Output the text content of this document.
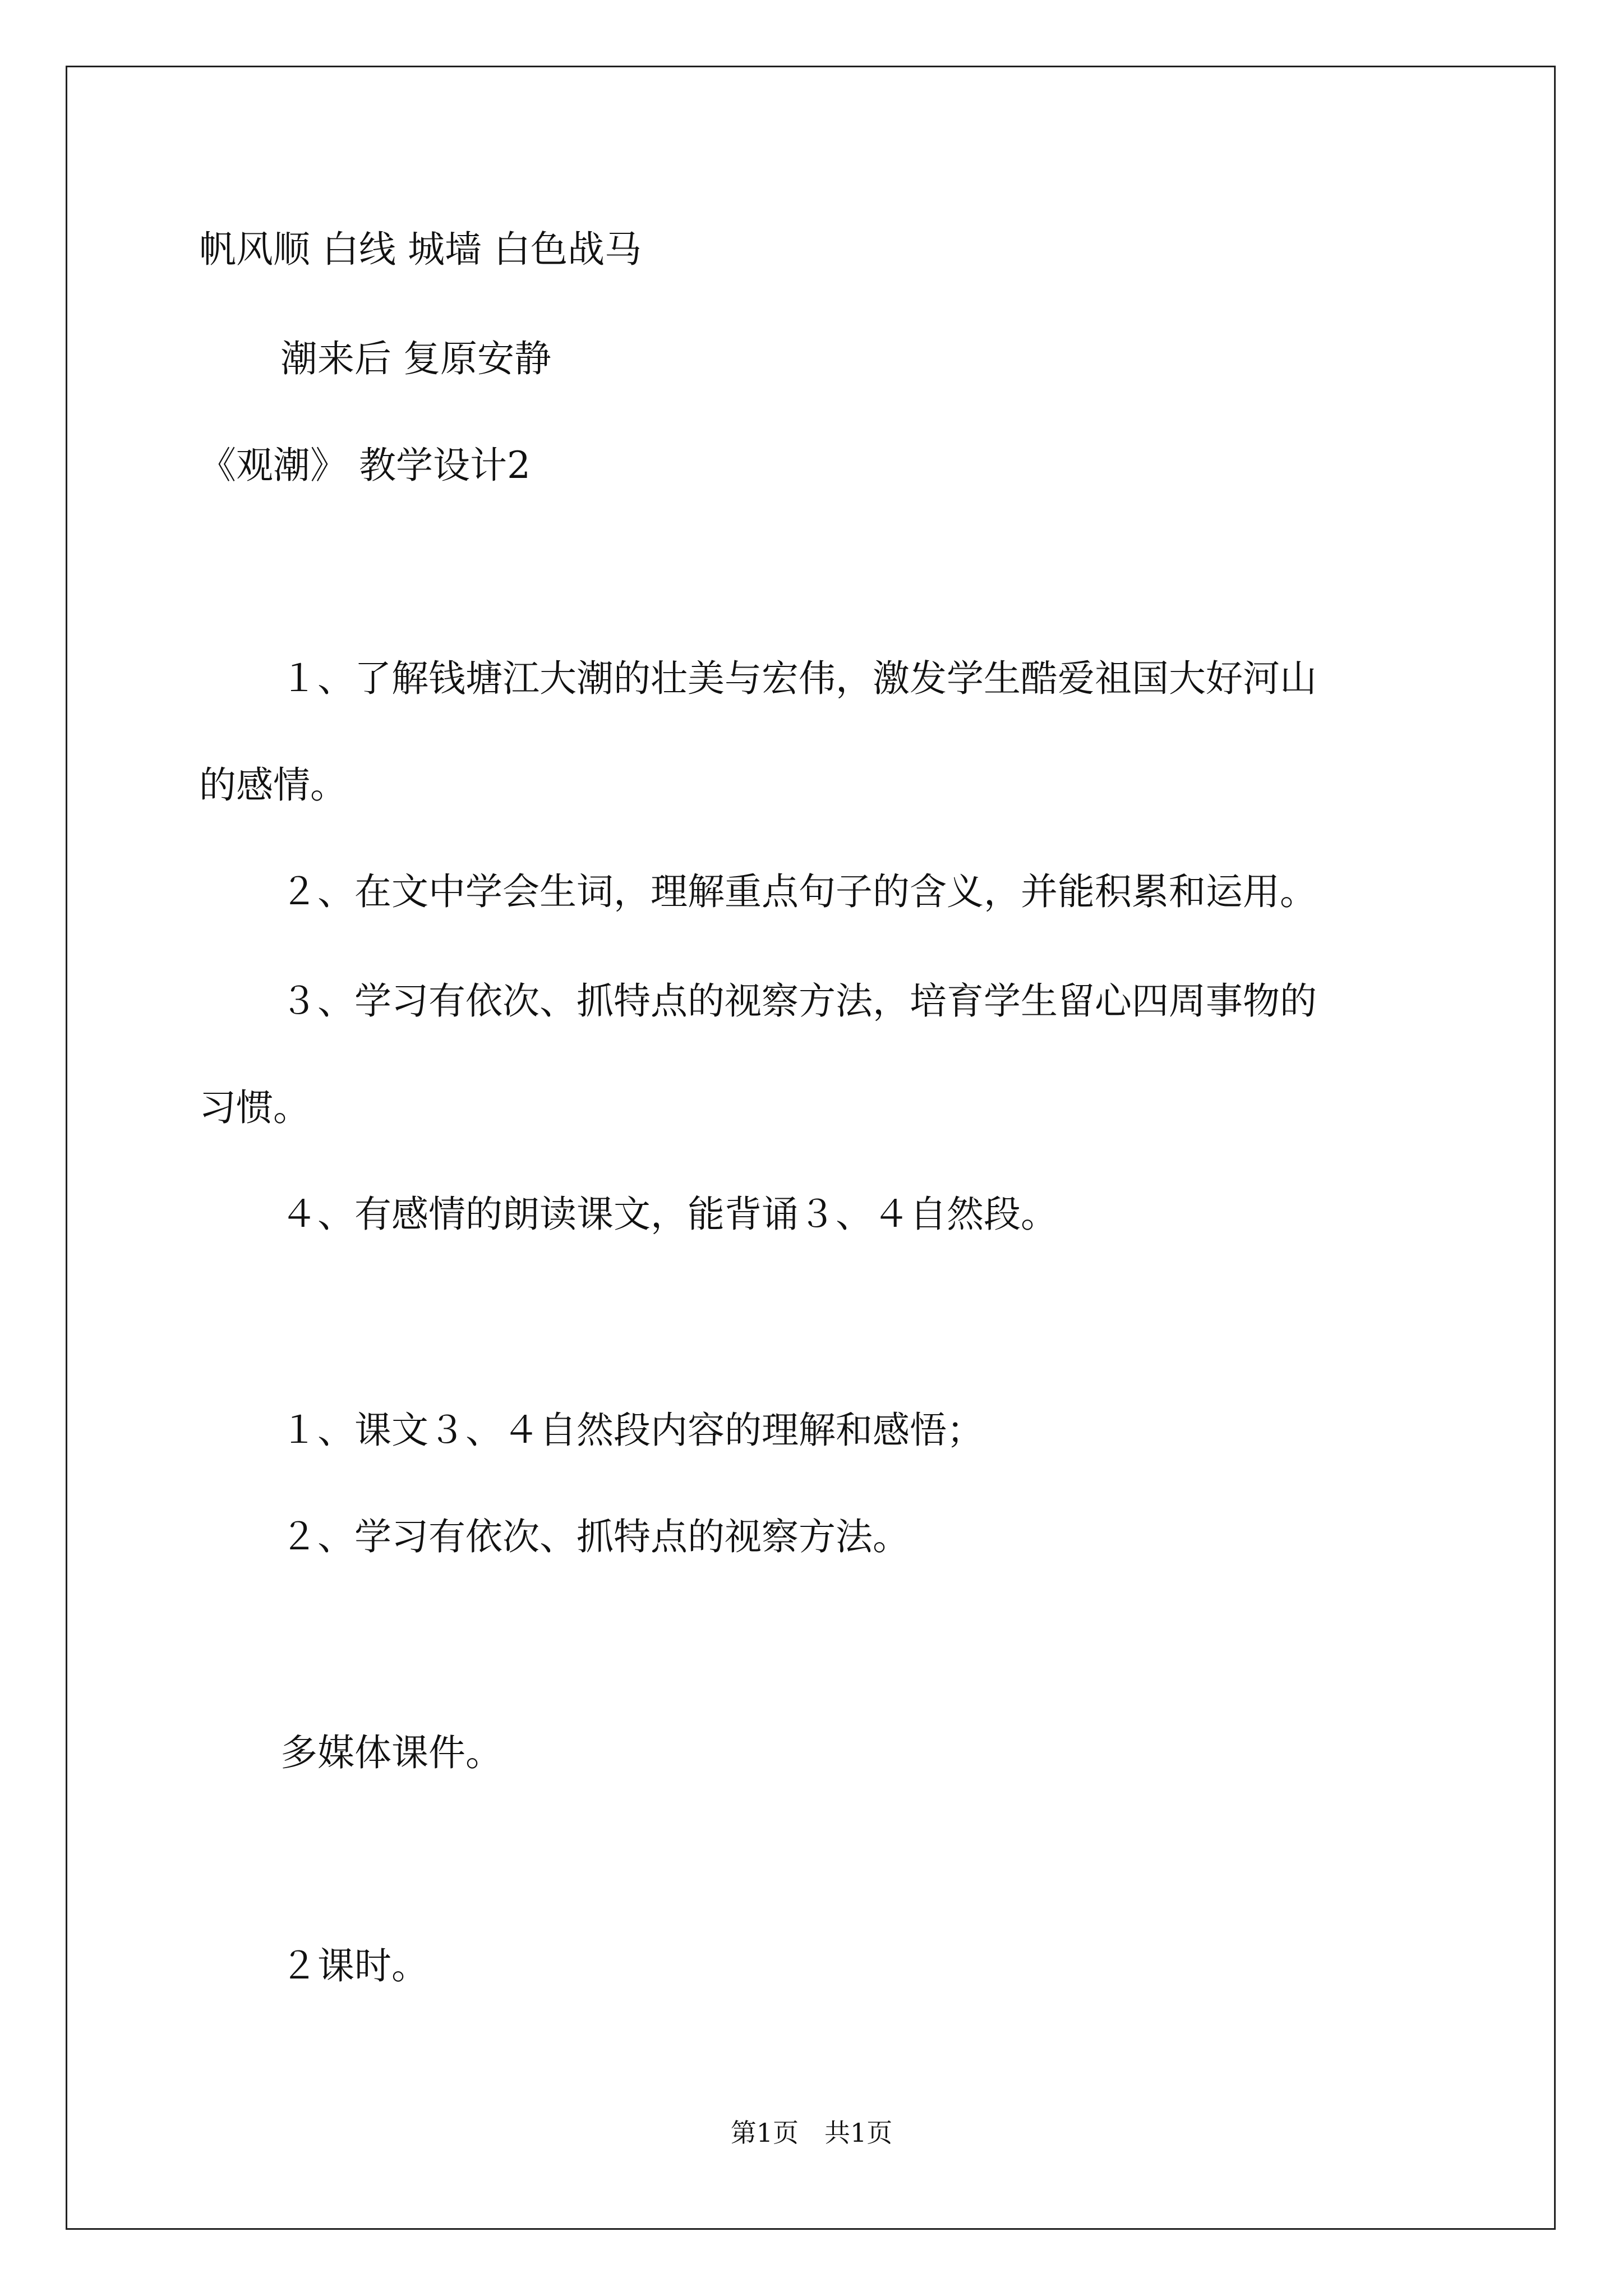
帆风顺 白线 城墙 白色战马
潮来后 复原安静
《观潮》 教学设计2
１、了解钱塘江大潮的壮美与宏伟，激发学生酷爱祖国大好河山
的感情。
２、在文中学会生词，理解重点句子的含义，并能积累和运用。
３、学习有依次、抓特点的视察方法，培育学生留心四周事物的
习惯。
４、有感情的朗读课文，能背诵３、４自然段。
１、课文３、４自然段内容的理解和感悟；
２、学习有依次、抓特点的视察方法。
多媒体课件。
２课时。
第1页　共1页
